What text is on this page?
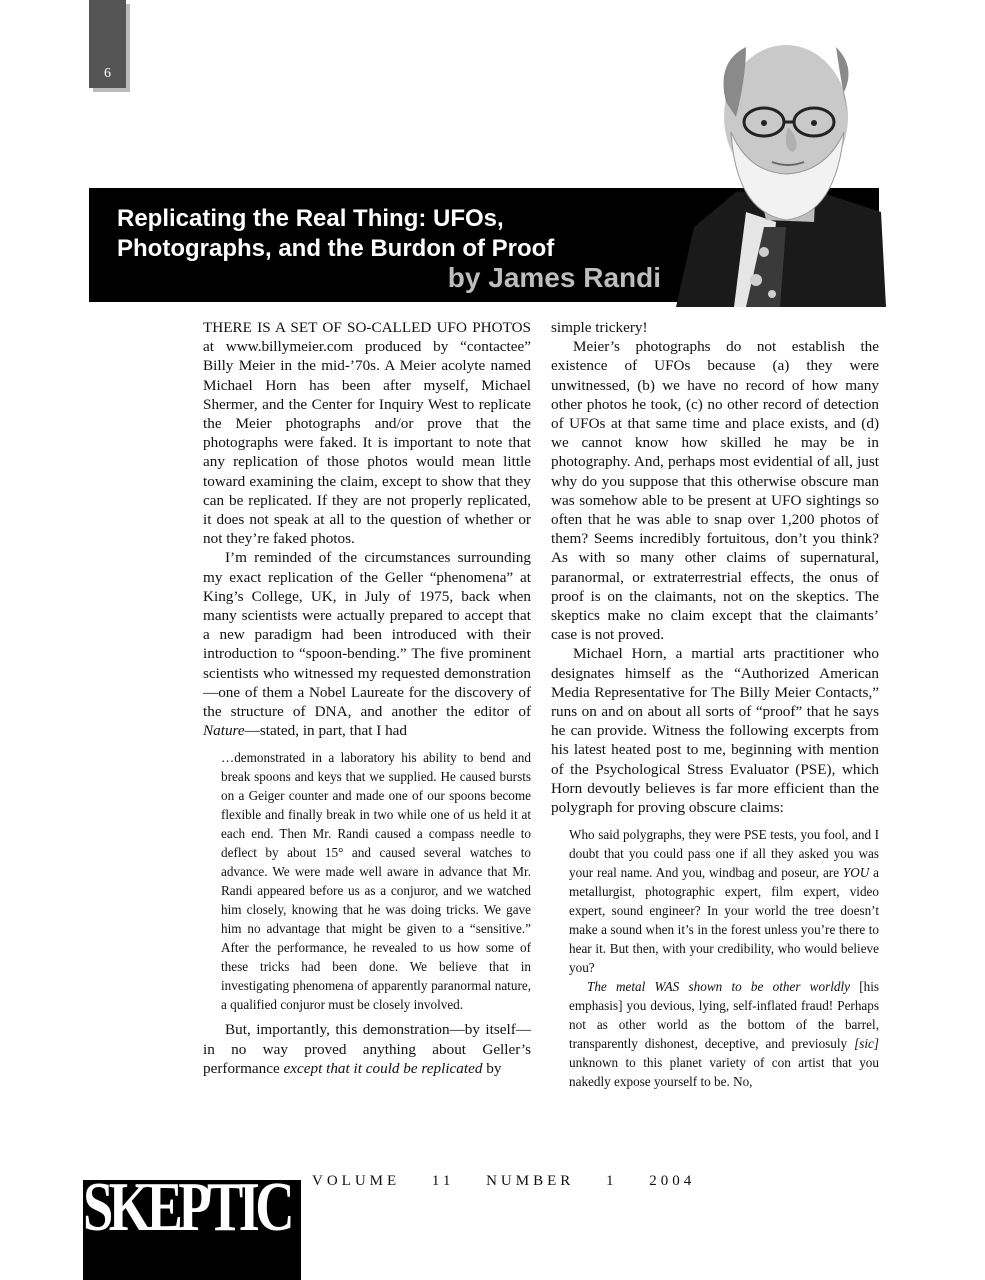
6
Replicating the Real Thing: UFOs,
Photographs, and the Burdon of Proof
by James Randi

THERE IS A SET OF SO-CALLED UFO PHOTOS at www.billymeier.com produced by “contactee” Billy Meier in the mid-’70s. A Meier acolyte named Michael Horn has been after myself, Michael Shermer, and the Center for Inquiry West to replicate the Meier photographs and/or prove that the photographs were faked. It is important to note that any replication of those photos would mean little toward examining the claim, except to show that they can be replicated. If they are not properly replicated, it does not speak at all to the question of whether or not they’re faked photos.

I’m reminded of the circumstances surrounding my exact replication of the Geller “phenomena” at King’s College, UK, in July of 1975, back when many scientists were actually prepared to accept that a new paradigm had been introduced with their introduction to “spoon-bending.” The five prominent scientists who witnessed my requested demonstration—one of them a Nobel Laureate for the discovery of the structure of DNA, and another the editor of Nature—stated, in part, that I had

…demonstrated in a laboratory his ability to bend and break spoons and keys that we supplied. He caused bursts on a Geiger counter and made one of our spoons become flexible and finally break in two while one of us held it at each end. Then Mr. Randi caused a compass needle to deflect by about 15° and caused several watches to advance. We were made well aware in advance that Mr. Randi appeared before us as a conjuror, and we watched him closely, knowing that he was doing tricks. We gave him no advantage that might be given to a “sensitive.” After the performance, he revealed to us how some of these tricks had been done. We believe that in investigating phenomena of apparently paranormal nature, a qualified conjuror must be closely involved.

But, importantly, this demonstration—by itself—in no way proved anything about Geller’s performance except that it could be replicated by

simple trickery!

Meier’s photographs do not establish the existence of UFOs because (a) they were unwitnessed, (b) we have no record of how many other photos he took, (c) no other record of detection of UFOs at that same time and place exists, and (d) we cannot know how skilled he may be in photography. And, perhaps most evidential of all, just why do you suppose that this otherwise obscure man was somehow able to be present at UFO sightings so often that he was able to snap over 1,200 photos of them? Seems incredibly fortuitous, don’t you think? As with so many other claims of supernatural, paranormal, or extraterrestrial effects, the onus of proof is on the claimants, not on the skeptics. The skeptics make no claim except that the claimants’ case is not proved.

Michael Horn, a martial arts practitioner who designates himself as the “Authorized American Media Representative for The Billy Meier Contacts,” runs on and on about all sorts of “proof” that he says he can provide. Witness the following excerpts from his latest heated post to me, beginning with mention of the Psychological Stress Evaluator (PSE), which Horn devoutly believes is far more efficient than the polygraph for proving obscure claims:

Who said polygraphs, they were PSE tests, you fool, and I doubt that you could pass one if all they asked you was your real name. And you, windbag and poseur, are YOU a metallurgist, photographic expert, film expert, video expert, sound engineer? In your world the tree doesn’t make a sound when it’s in the forest unless you’re there to hear it. But then, with your credibility, who would believe you?

The metal WAS shown to be other worldly [his emphasis] you devious, lying, self-inflated fraud! Perhaps not as other world as the bottom of the barrel, transparently dishonest, deceptive, and previosuly [sic] unknown to this planet variety of con artist that you nakedly expose yourself to be. No,

SKEPTIC VOLUME 11 NUMBER 1 2004
